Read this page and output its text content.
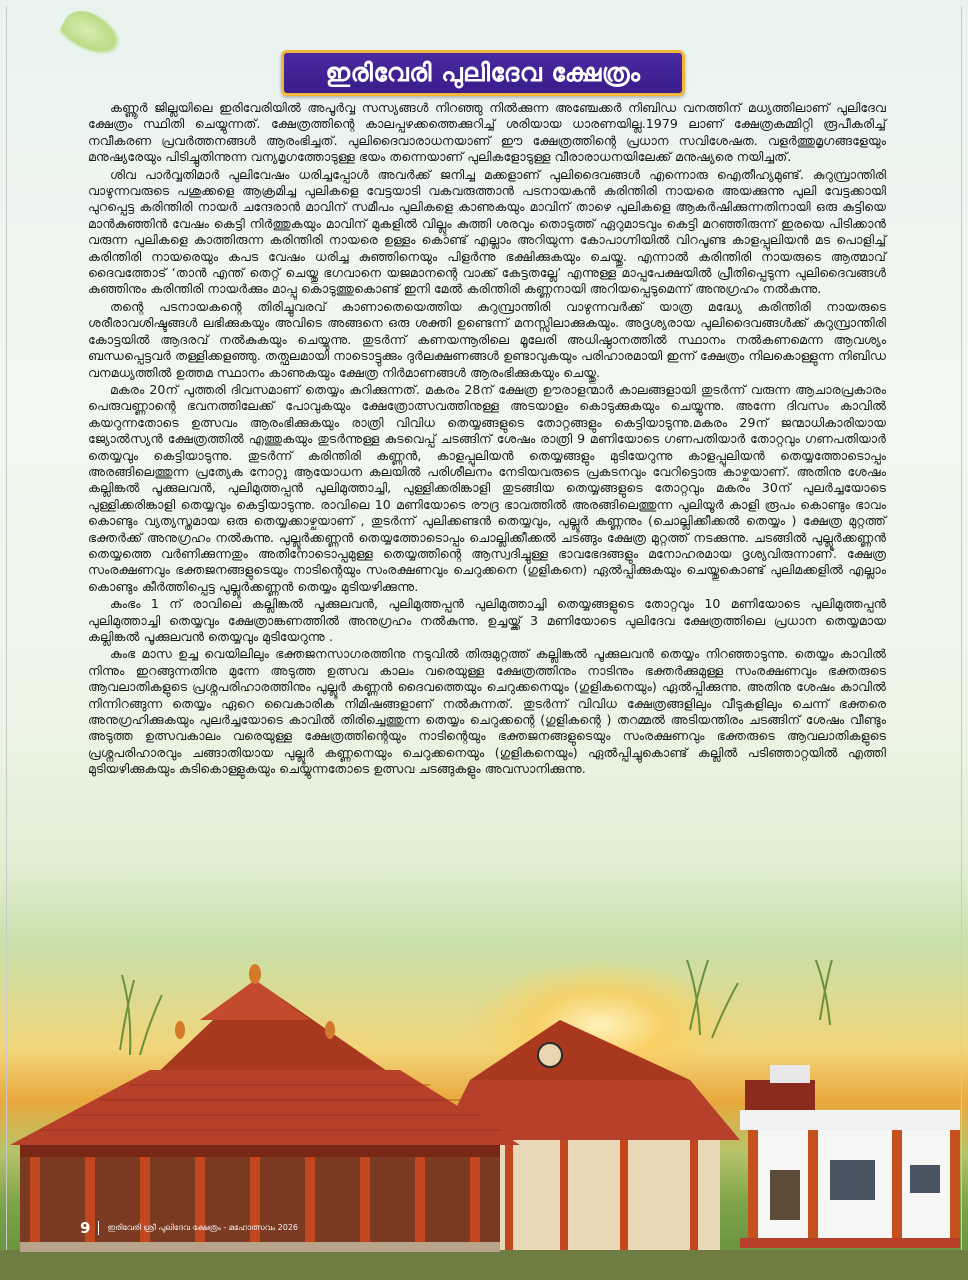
ഇരിവേരി പുലിദേവ ക്ഷേത്രം

കണ്ണൂർ ജില്ലയിലെ ഇരിവേരിയിൽ അപൂർവ്വ സസ്യങ്ങൾ നിറഞ്ഞു നിൽക്കുന്ന അഞ്ചേക്കർ നിബിഡ വനത്തിന് മധ്യത്തിലാണ് പുലിദേവ ക്ഷേത്രം സ്ഥിതി ചെയ്യുന്നത്. ക്ഷേത്രത്തിന്റെ കാലപ്പഴക്കത്തെക്കുറിച്ച് ശരിയായ ധാരണയില്ല.1979 ലാണ് ക്ഷേത്രകമ്മിറ്റി രൂപീകരിച്ച് നവീകരണ പ്രവർത്തനങ്ങൾ ആരംഭിച്ചത്. പുലിദൈവാരാധനയാണ് ഈ ക്ഷേത്രത്തിന്റെ പ്രധാന സവിശേഷത. വളർത്തുമൃഗങ്ങളേയും മനുഷ്യരേയും പിടിച്ചുതിന്നുന്ന വന്യമൃഗത്തോടുള്ള ഭയം തന്നെയാണ് പുലികളോടുള്ള വീരാരാധനയിലേക്ക് മനുഷ്യരെ നയിച്ചത്.

ശിവ പാർവ്വതിമാർ പുലിവേഷം ധരിച്ചപ്പോൾ അവർക്ക് ജനിച്ച മക്കളാണ് പുലിദൈവങ്ങൾ എന്നൊരു ഐതീഹ്യമുണ്ട്. കുറുമ്പ്രാന്തിരി വാഴുന്നവരുടെ പശുക്കളെ ആക്രമിച്ച പുലികളെ വേട്ടയാടി വകവരുത്താൻ പടനായകൻ കരിന്തിരി നായരെ അയക്കുന്നു പുലി വേട്ടക്കായി പുറപ്പെട്ട കരിന്തിരി നായർ ചന്ദേരാൻ മാവിന് സമീപം പുലികളെ കാണുകയും മാവിന് താഴെ പുലികളെ ആകർഷിക്കുന്നതിനായി ഒരു കുട്ടിയെ മാൻകുഞ്ഞിൻ വേഷം കെട്ടി നിർത്തുകയും മാവിന് മുകളിൽ വില്ലും കുത്തി ശരവും തൊടുത്ത് ഏറുമാടവും കെട്ടി മറഞ്ഞിരുന്ന് ഇരയെ പിടിക്കാൻ വരുന്ന പുലികളെ കാത്തിരുന്ന കരിന്തിരി നായരെ ഉള്ളം കൊണ്ട് എല്ലാം അറിയുന്ന കോപാഗ്നിയിൽ വിറപൂണ്ട കാളപ്പുലിയൻ മട പൊളിച്ച് കരിന്തിരി നായരെയും കപട വേഷം ധരിച്ച കുഞ്ഞിനെയും പിളർന്നു ഭക്ഷിക്കുകയും ചെയ്തു. എന്നാൽ കരിന്തിരി നായരുടെ ആത്മാവ് ദൈവത്തോട് ‘താൻ എന്ത് തെറ്റ് ചെയ്തു ഭഗവാനെ യജമാനന്റെ വാക്ക് കേട്ടതല്ലേ’ എന്നുള്ള മാപ്പപേക്ഷയിൽ പ്രീതിപ്പെടുന്ന പുലിദൈവങ്ങൾ കുഞ്ഞിനും കരിന്തിരി നായർക്കും മാപ്പു കൊടുത്തുകൊണ്ട് ഇനി മേൽ കരിന്തിരി കണ്ണനായി അറിയപ്പെടുമെന്ന് അനുഗ്രഹം നൽകുന്നു.

തന്റെ പടനായകന്റെ തിരിച്ചുവരവ് കാണാതെയെത്തിയ കുറുമ്പ്രാന്തിരി വാഴുന്നവർക്ക് യാത്ര മദ്ധ്യേ കരിന്തിരി നായരുടെ ശരീരാവശിഷ്ടങ്ങൾ ലഭിക്കുകയും അവിടെ അങ്ങനെ ഒരു ശക്തി ഉണ്ടെന്ന് മനസ്സിലാക്കുകയും. അദൃശ്യരായ പുലിദൈവങ്ങൾക്ക് കുറുമ്പ്രാന്തിരി കോട്ടയിൽ ആദരവ് നൽകുകയും ചെയ്യുന്നു. തുടർന്ന് കണയന്നൂരിലെ മൂലേരി അധിഷ്ഠാനത്തിൽ സ്ഥാനം നൽകണമെന്ന ആവശ്യം ബന്ധപ്പെട്ടവർ തള്ളിക്കളഞ്ഞു. തത്ഫലമായി നാടൊട്ടുക്കും ദുർലക്ഷണങ്ങൾ ഉണ്ടാവുകയും പരിഹാരമായി ഇന്ന് ക്ഷേത്രം നിലകൊള്ളുന്ന നിബിഡ വനമധ്യത്തിൽ ഉത്തമ സ്ഥാനം കാണുകയും ക്ഷേത്ര നിർമാണങ്ങൾ ആരംഭിക്കുകയും ചെയ്തു.

മകരം 20ന് പുത്തരി ദിവസമാണ് തെയ്യം കുറിക്കുന്നത്. മകരം 28ന് ക്ഷേത്ര ഊരാളന്മാർ കാലങ്ങളായി തുടർന്ന് വരുന്ന ആചാരപ്രകാരം പെരുവണ്ണാന്റെ ഭവനത്തിലേക്ക് പോവുകയും ക്ഷേത്രോത്സവത്തിനുള്ള അടയാളം കൊടുക്കുകയും ചെയ്യുന്നു. അന്നേ ദിവസം കാവിൽ കയറുന്നതോടെ ഉത്സവം ആരംഭിക്കുകയും രാത്രി വിവിധ തെയ്യങ്ങളുടെ തോറ്റങ്ങളും കെട്ടിയാടുന്നു.മകരം 29ന് ജന്മാധികാരിയായ ജ്യോൽസ്യൻ ക്ഷേത്രത്തിൽ എത്തുകയും തുടർന്നുള്ള കുടവെപ്പ് ചടങ്ങിന് ശേഷം രാത്രി 9 മണിയോടെ ഗണപതിയാർ തോറ്റവും ഗണപതിയാർ തെയ്യവും കെട്ടിയാടുന്നു. തുടർന്ന് കരിന്തിരി കണ്ണൻ, കാളപ്പുലിയൻ തെയ്യങ്ങളും മുടിയേറുന്നു കാളപ്പുലിയൻ തെയ്യത്തോടൊപ്പം അരങ്ങിലെത്തുന്ന പ്രത്യേക നോറ്റു ആയോധന കലയിൽ പരിശീലനം നേടിയവരുടെ പ്രകടനവും വേറിട്ടൊരു കാഴ്ചയാണ്. അതിനു ശേഷം കല്ലിങ്കൽ പൂക്കുലവൻ, പുലിമുത്തപ്പൻ പുലിമുത്താച്ചി, പുള്ളിക്കരിങ്കാളി തുടങ്ങിയ തെയ്യങ്ങളുടെ തോറ്റവും മകരം 30ന് പുലർച്ചയോടെ പുള്ളിക്കരിങ്കാളി തെയ്യവും കെട്ടിയാടുന്നു. രാവിലെ 10 മണിയോടെ രൗദ്ര ഭാവത്തിൽ അരങ്ങിലെത്തുന്ന പുലിയൂർ കാളി രൂപം കൊണ്ടും ഭാവം കൊണ്ടും വ്യത്യസ്തമായ ഒരു തെയ്യക്കാഴ്ചയാണ് , തുടർന്ന് പുലിക്കണ്ടൻ തെയ്യവും, പുല്ലൂർ കണ്ണനും (ചൊല്ലിക്കീക്കൽ തെയ്യം ) ക്ഷേത്ര മുറ്റത്ത് ഭക്തർക്ക് അനുഗ്രഹം നൽകുന്നു. പുല്ലൂർക്കണ്ണൻ തെയ്യത്തോടൊപ്പം ചൊല്ലിക്കീക്കൽ ചടങ്ങും ക്ഷേത്ര മുറ്റത്ത് നടക്കുന്നു. ചടങ്ങിൽ പുല്ലൂർക്കണ്ണൻ തെയ്യത്തെ വർണിക്കുന്നതും അതിനോടൊപ്പമുള്ള തെയ്യത്തിന്റെ ആസ്വദിച്ചുള്ള ഭാവഭേദങ്ങളും മനോഹരമായ ദൃശ്യവിരുന്നാണ്. ക്ഷേത്ര സംരക്ഷണവും ഭക്തജനങ്ങളുടെയും നാടിന്റെയും സംരക്ഷണവും ചെറുക്കനെ (ഗുളികനെ) ഏൽപ്പിക്കുകയും ചെയ്തുകൊണ്ട് പുലിമക്കളിൽ എല്ലാം കൊണ്ടും കീർത്തിപ്പെട്ട പുല്ലൂർക്കണ്ണൻ തെയ്യം മുടിയഴിക്കുന്നു.

കുംഭം 1 ന് രാവിലെ കല്ലിങ്കൽ പൂക്കുലവൻ, പുലിമുത്തപ്പൻ പുലിമുത്താച്ചി തെയ്യങ്ങളുടെ തോറ്റവും 10 മണിയോടെ പുലിമുത്തപ്പൻ പുലിമുത്താച്ചി തെയ്യവും ക്ഷേത്രാങ്കണത്തിൽ അനുഗ്രഹം നൽകുന്നു. ഉച്ചയ്ക്ക് 3 മണിയോടെ പുലിദേവ ക്ഷേത്രത്തിലെ പ്രധാന തെയ്യമായ കല്ലിങ്കൽ പൂക്കുലവൻ തെയ്യവും മുടിയേറുന്നു .

കുംഭ മാസ ഉച്ച വെയിലിലും ഭക്തജനസാഗരത്തിനു നടുവിൽ തിരുമുറ്റത്ത് കല്ലിങ്കൽ പൂക്കുലവൻ തെയ്യം നിറഞ്ഞാടുന്നു. തെയ്യം കാവിൽ നിന്നും ഇറങ്ങുന്നതിനു മുന്നേ അടുത്ത ഉത്സവ കാലം വരെയുള്ള ക്ഷേത്രത്തിനും നാടിനും ഭക്തർക്കുമുള്ള സംരക്ഷണവും ഭക്തരുടെ ആവലാതികളുടെ പ്രശ്നപരിഹാരത്തിനും പുല്ലൂർ കണ്ണൻ ദൈവത്തെയും ചെറുക്കനെയും (ഗുളികനെയും) ഏൽപ്പിക്കുന്നു. അതിനു ശേഷം കാവിൽ നിന്നിറങ്ങുന്ന തെയ്യം ഏറെ വൈകാരിക നിമിഷങ്ങളാണ് നൽകുന്നത്. തുടർന്ന് വിവിധ ക്ഷേത്രങ്ങളിലും വീടുകളിലും ചെന്ന് ഭക്തരെ അനുഗ്രഹിക്കുകയും പുലർച്ചയോടെ കാവിൽ തിരിച്ചെത്തുന്ന തെയ്യം ചെറുക്കന്റെ (ഗുളികന്റെ ) തറമ്മൽ അടിയന്തിരം ചടങ്ങിന് ശേഷം വീണ്ടും അടുത്ത ഉത്സവകാലം വരെയുള്ള ക്ഷേത്രത്തിന്റെയും നാടിന്റെയും ഭക്തജനങ്ങളുടെയും സംരക്ഷണവും ഭക്തരുടെ ആവലാതികളുടെ പ്രശ്നപരിഹാരവും ചങ്ങാതിയായ പുല്ലൂർ കണ്ണനെയും ചെറുക്കനെയും (ഗുളികനെയും) ഏൽപ്പിച്ചുകൊണ്ട് കല്ലിൽ പടിഞ്ഞാറ്റയിൽ എത്തി മുടിയഴിക്കുകയും കുടികൊള്ളുകയും ചെയ്യുന്നതോടെ ഉത്സവ ചടങ്ങുകളും അവസാനിക്കുന്നു.

9 ഇരിവേരി ശ്രീ പുലിദേവ ക്ഷേത്രം - മഹോത്സവം 2026
